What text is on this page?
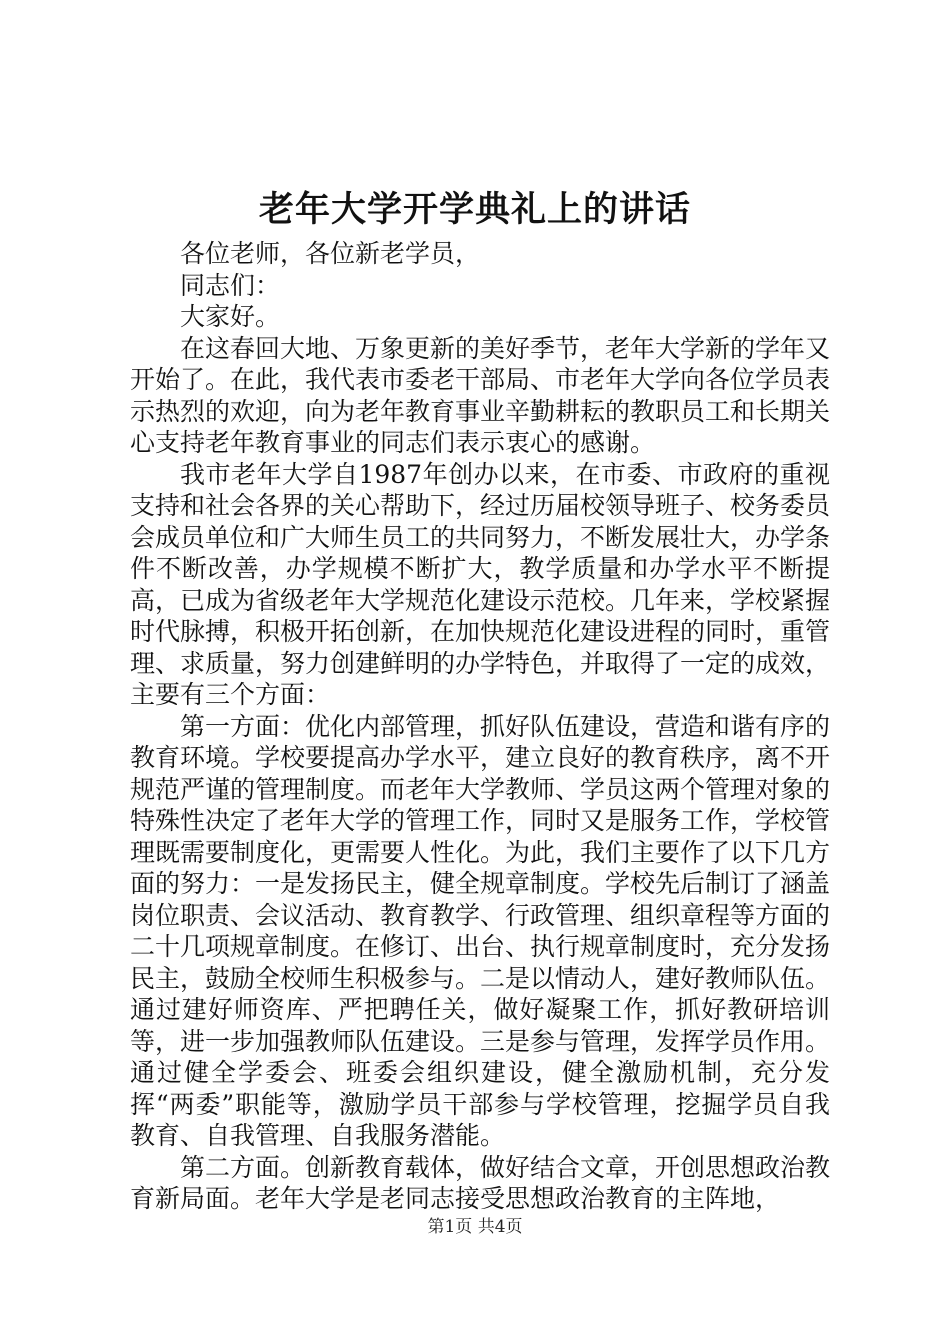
老年大学开学典礼上的讲话

各位老师，各位新老学员，

同志们：

大家好。

在这春回大地、万象更新的美好季节，老年大学新的学年又开始了。在此，我代表市委老干部局、市老年大学向各位学员表示热烈的欢迎，向为老年教育事业辛勤耕耘的教职员工和长期关心支持老年教育事业的同志们表示衷心的感谢。

我市老年大学自1987年创办以来，在市委、市政府的重视支持和社会各界的关心帮助下，经过历届校领导班子、校务委员会成员单位和广大师生员工的共同努力，不断发展壮大，办学条件不断改善，办学规模不断扩大，教学质量和办学水平不断提高，已成为省级老年大学规范化建设示范校。几年来，学校紧握时代脉搏，积极开拓创新，在加快规范化建设进程的同时，重管理、求质量，努力创建鲜明的办学特色，并取得了一定的成效，主要有三个方面：

第一方面：优化内部管理，抓好队伍建设，营造和谐有序的教育环境。学校要提高办学水平，建立良好的教育秩序，离不开规范严谨的管理制度。而老年大学教师、学员这两个管理对象的特殊性决定了老年大学的管理工作，同时又是服务工作，学校管理既需要制度化，更需要人性化。为此，我们主要作了以下几方面的努力：一是发扬民主，健全规章制度。学校先后制订了涵盖岗位职责、会议活动、教育教学、行政管理、组织章程等方面的二十几项规章制度。在修订、出台、执行规章制度时，充分发扬民主，鼓励全校师生积极参与。二是以情动人，建好教师队伍。通过建好师资库、严把聘任关，做好凝聚工作，抓好教研培训等，进一步加强教师队伍建设。三是参与管理，发挥学员作用。通过健全学委会、班委会组织建设，健全激励机制，充分发挥“两委”职能等，激励学员干部参与学校管理，挖掘学员自我教育、自我管理、自我服务潜能。

第二方面。创新教育载体，做好结合文章，开创思想政治教育新局面。老年大学是老同志接受思想政治教育的主阵地，

第1页 共4页
